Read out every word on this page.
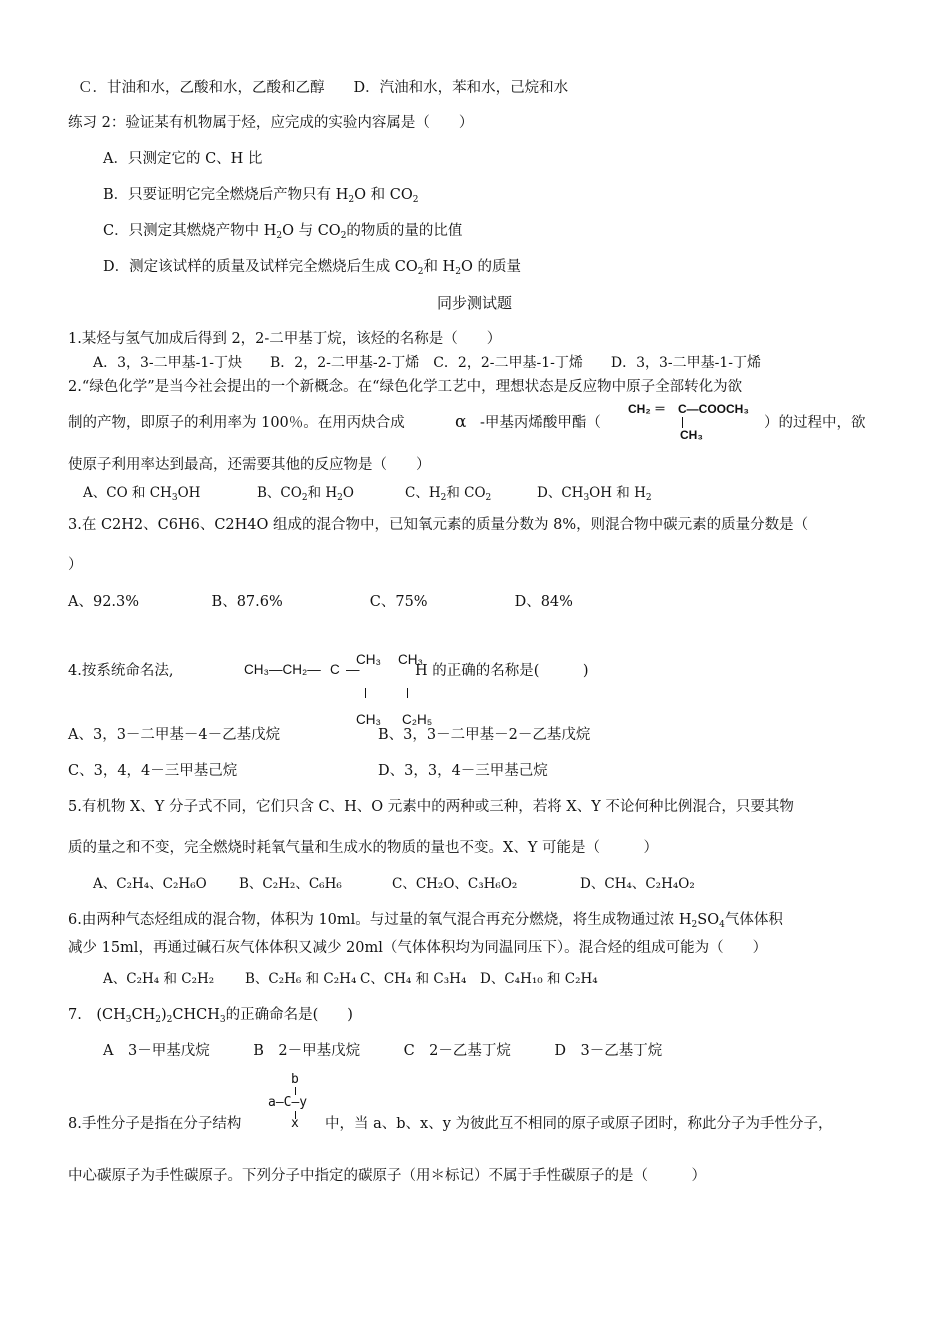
Ｃ．甘油和水，乙酸和水，乙酸和乙醇　　D．汽油和水，苯和水，己烷和水
练习 2：验证某有机物属于烃，应完成的实验内容属是（　　）
A．只测定它的 C、H 比
B．只要证明它完全燃烧后产物只有 $H_2O$ 和 $CO_2$
C．只测定其燃烧产物中 $H_2O$ 与 $CO_2$的物质的量的比值
D．测定该试样的质量及试样完全燃烧后生成 $CO_2$和 $H_2O$ 的质量
同步测试题
1.某烃与氢气加成后得到 2，2-二甲基丁烷，该烃的名称是（　　）
A．3，3-二甲基-1-丁炔　　B．2，2-二甲基-2-丁烯　C．2，2-二甲基-1-丁烯　　D．3，3-二甲基-1-丁烯
2.“绿色化学”是当今社会提出的一个新概念。在“绿色化学工艺中，理想状态是反应物中原子全部转化为欲
制的产物，即原子的利用率为 100％。在用丙炔合成	α -甲基丙烯酸甲酯（
CH₂ ＝　C—COOCH₃
CH₃
）的过程中，欲
使原子利用率达到最高，还需要其他的反应物是（　　）
A、CO 和 $CH_3OH$	B、$CO_2$和 $H_2O$	C、$H_2$和 $CO_2$	D、$CH_3OH$ 和 $H_2$
3.在 C2H2、C6H6、C2H4O 组成的混合物中，已知氧元素的质量分数为 8%，则混合物中碳元素的质量分数是（
）
A、92.3%　　　　　B、87.6%　　　　　　C、75%　　　　　　D、84%
4.按系统命名法,
CH₃ CH₃
CH₃—CH₂— C —
CH₃ C₂H₅
H 的正确的名称是(　　　)
A、3，3－二甲基－4－乙基戊烷	B、3，3－二甲基－2－乙基戊烷
C、3，4，4－三甲基己烷	D、3，3，4－三甲基己烷
5.有机物 X、Y 分子式不同，它们只含 C、H、O 元素中的两种或三种，若将 X、Y 不论何种比例混合，只要其物
质的量之和不变，完全燃烧时耗氧气量和生成水的物质的量也不变。X、Y 可能是（　　　）
A、C₂H₄、C₂H₆O B、C₂H₂、C₆H₆	C、CH₂O、C₃H₆O₂	D、CH₄、C₂H₄O₂
6.由两种气态烃组成的混合物，体积为 10ml。与过量的氧气混合再充分燃烧，将生成物通过浓 $H_2SO_4$气体体积
减少 15ml，再通过碱石灰气体体积又减少 20ml（气体体积均为同温同压下）。混合烃的组成可能为（　　）
A、C₂H₄ 和 C₂H₂ B、C₂H₆ 和 C₂H₄ C、CH₄ 和 C₃H₄ D、C₄H₁₀ 和 C₂H₄
7.　$(CH_3CH_2)_2CHCH_3$的正确命名是(　　)
A　3－甲基戊烷　　　B　2－甲基戊烷　　　C　2－乙基丁烷　　　D　3－乙基丁烷
b
a—C—y
x
8.手性分子是指在分子结构	中，当 a、b、x、y 为彼此互不相同的原子或原子团时，称此分子为手性分子，
中心碳原子为手性碳原子。下列分子中指定的碳原子（用＊标记）不属于手性碳原子的是（　　　）
